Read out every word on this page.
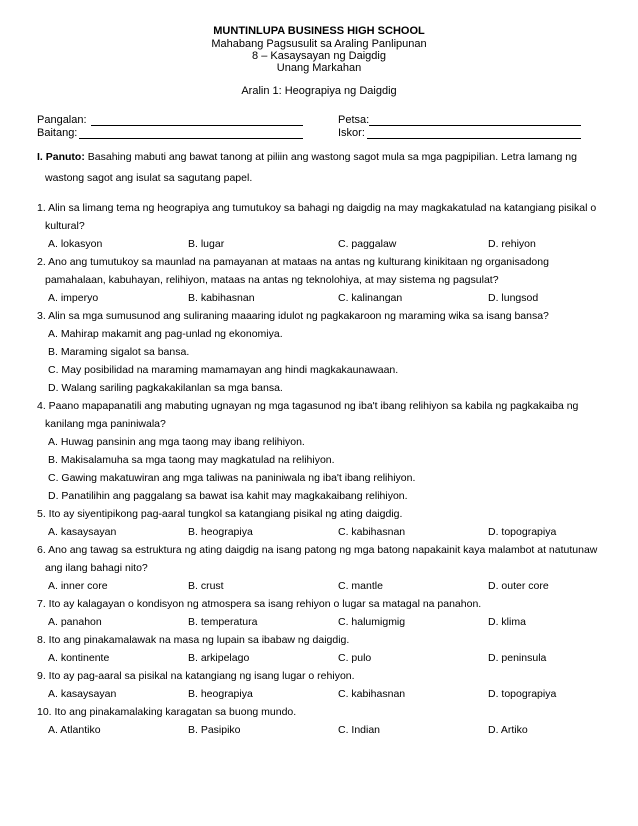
MUNTINLUPA BUSINESS HIGH SCHOOL
Mahabang Pagsusulit sa Araling Panlipunan
8 – Kasaysayan ng Daigdig
Unang Markahan
Aralin 1: Heograpiya ng Daigdig
Pangalan:	Petsa:
Baitang:	Iskor:
I. Panuto: Basahing mabuti ang bawat tanong at piliin ang wastong sagot mula sa mga pagpipilian. Letra lamang ng
wastong sagot ang isulat sa sagutang papel.
1. Alin sa limang tema ng heograpiya ang tumutukoy sa bahagi ng daigdig na may magkakatulad na katangiang pisikal o
kultural?
A. lokasyon	B. lugar	C. paggalaw	D. rehiyon
2. Ano ang tumutukoy sa maunlad na pamayanan at mataas na antas ng kulturang kinikitaan ng organisadong
pamahalaan, kabuhayan, relihiyon, mataas na antas ng teknolohiya, at may sistema ng pagsulat?
A. imperyo	B. kabihasnan	C. kalinangan	D. lungsod
3. Alin sa mga sumusunod ang suliraning maaaring idulot ng pagkakaroon ng maraming wika sa isang bansa?
A. Mahirap makamit ang pag-unlad ng ekonomiya.
B. Maraming sigalot sa bansa.
C. May posibilidad na maraming mamamayan ang hindi magkakaunawaan.
D. Walang sariling pagkakakilanlan sa mga bansa.
4. Paano mapapanatili ang mabuting ugnayan ng mga tagasunod ng iba't ibang relihiyon sa kabila ng pagkakaiba ng
kanilang mga paniniwala?
A. Huwag pansinin ang mga taong may ibang relihiyon.
B. Makisalamuha sa mga taong may magkatulad na relihiyon.
C. Gawing makatuwiran ang mga taliwas na paniniwala ng iba't ibang relihiyon.
D. Panatilihin ang paggalang sa bawat isa kahit may magkakaibang relihiyon.
5. Ito ay siyentipikong pag-aaral tungkol sa katangiang pisikal ng ating daigdig.
A. kasaysayan	B. heograpiya	C. kabihasnan	D. topograpiya
6. Ano ang tawag sa estruktura ng ating daigdig na isang patong ng mga batong napakainit kaya malambot at natutunaw
ang ilang bahagi nito?
A. inner core	B. crust	C. mantle	D. outer core
7. Ito ay kalagayan o kondisyon ng atmospera sa isang rehiyon o lugar sa matagal na panahon.
A. panahon	B. temperatura	C. halumigmig	D. klima
8. Ito ang pinakamalawak na masa ng lupain sa ibabaw ng daigdig.
A. kontinente	B. arkipelago	C. pulo	D. peninsula
9. Ito ay pag-aaral sa pisikal na katangiang ng isang lugar o rehiyon.
A. kasaysayan	B. heograpiya	C. kabihasnan	D. topograpiya
10. Ito ang pinakamalaking karagatan sa buong mundo.
A. Atlantiko	B. Pasipiko	C. Indian	D. Artiko
